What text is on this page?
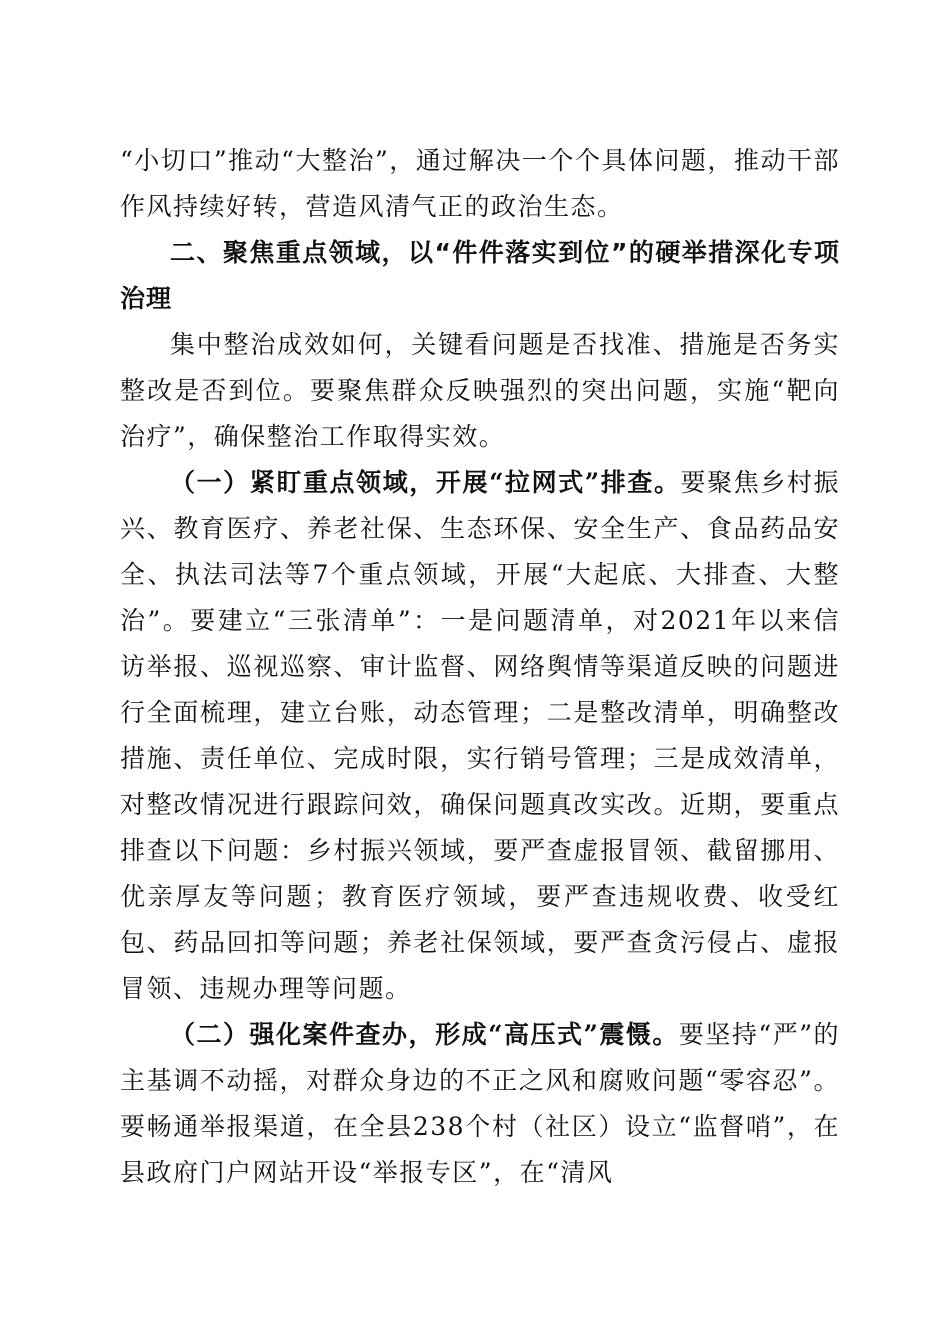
“小切口”推动“大整治”，通过解决一个个具体问题，推动干部作风持续好转，营造风清气正的政治生态。

二、聚焦重点领域，以“件件落实到位”的硬举措深化专项治理

集中整治成效如何，关键看问题是否找准、措施是否务实整改是否到位。要聚焦群众反映强烈的突出问题，实施“靶向治疗”，确保整治工作取得实效。

（一）紧盯重点领域，开展“拉网式”排查。要聚焦乡村振兴、教育医疗、养老社保、生态环保、安全生产、食品药品安全、执法司法等7个重点领域，开展“大起底、大排查、大整治”。要建立“三张清单”：一是问题清单，对2021年以来信访举报、巡视巡察、审计监督、网络舆情等渠道反映的问题进行全面梳理，建立台账，动态管理；二是整改清单，明确整改措施、责任单位、完成时限，实行销号管理；三是成效清单，对整改情况进行跟踪问效，确保问题真改实改。近期，要重点排查以下问题：乡村振兴领域，要严查虚报冒领、截留挪用、优亲厚友等问题；教育医疗领域，要严查违规收费、收受红包、药品回扣等问题；养老社保领域，要严查贪污侵占、虚报冒领、违规办理等问题。

（二）强化案件查办，形成“高压式”震慑。要坚持“严”的主基调不动摇，对群众身边的不正之风和腐败问题“零容忍”。要畅通举报渠道，在全县238个村（社区）设立“监督哨”，在县政府门户网站开设“举报专区”，在“清风
